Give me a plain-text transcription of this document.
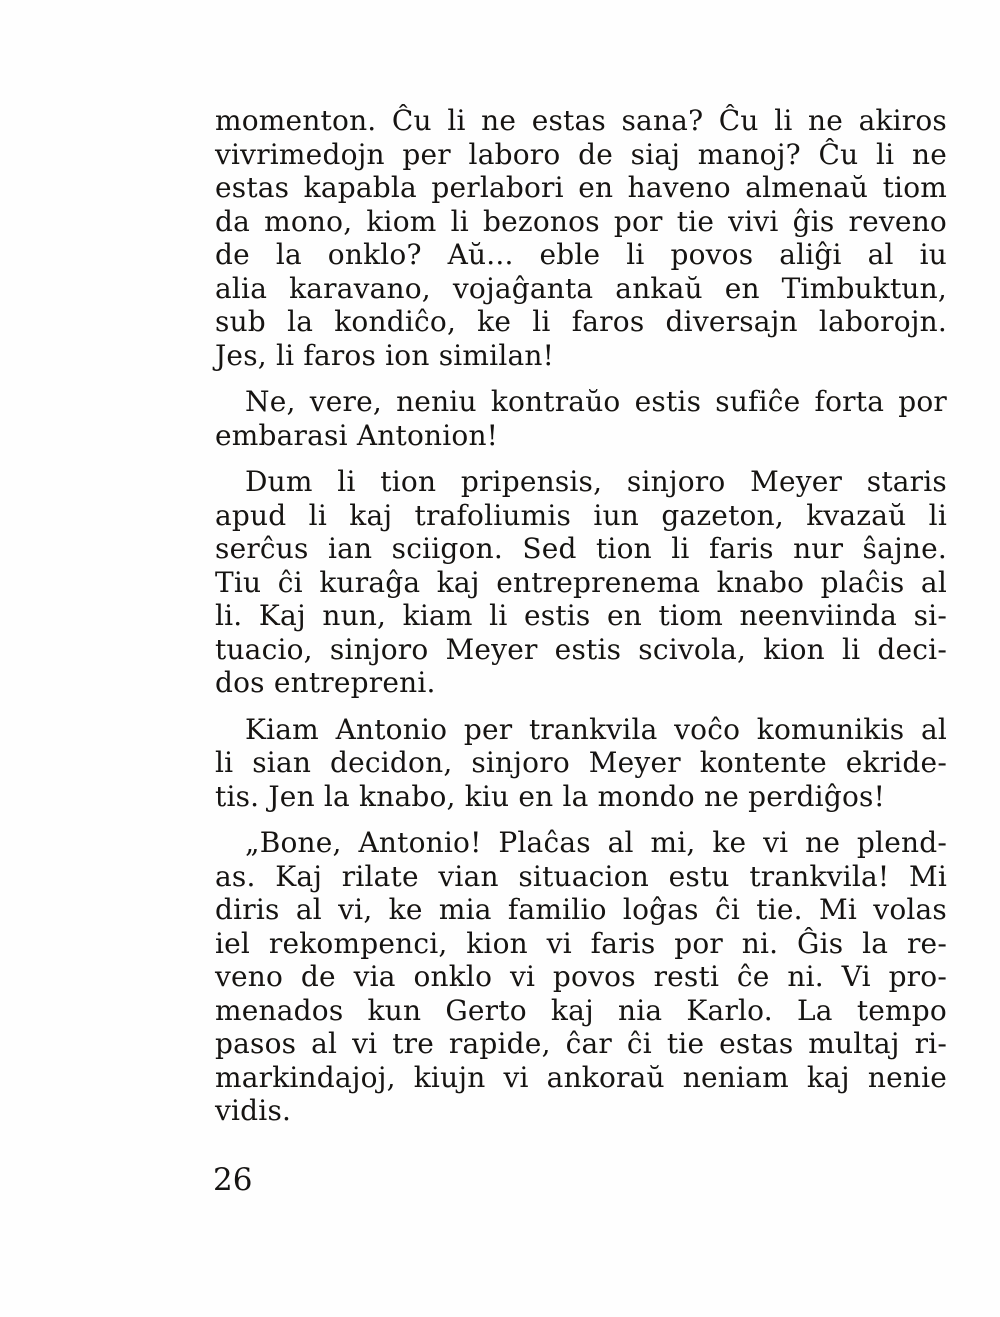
momenton. Ĉu li ne estas sana? Ĉu li ne akiros
vivrimedojn per laboro de siaj manoj? Ĉu li ne
estas kapabla perlabori en haveno almenaŭ tiom
da mono, kiom li bezonos por tie vivi ĝis reveno
de la onklo? Aŭ... eble li povos aliĝi al iu
alia karavano, vojaĝanta ankaŭ en Timbuktun,
sub la kondiĉo, ke li faros diversajn laborojn.
Jes, li faros ion similan!

Ne, vere, neniu kontraŭo estis sufiĉe forta por
embarasi Antonion!

Dum li tion pripensis, sinjoro Meyer staris
apud li kaj trafoliumis iun gazeton, kvazaŭ li
serĉus ian sciigon. Sed tion li faris nur ŝajne.
Tiu ĉi kuraĝa kaj entreprenema knabo plaĉis al
li. Kaj nun, kiam li estis en tiom neenviinda si-
tuacio, sinjoro Meyer estis scivola, kion li deci-
dos entrepreni.

Kiam Antonio per trankvila voĉo komunikis al
li sian decidon, sinjoro Meyer kontente ekride-
tis. Jen la knabo, kiu en la mondo ne perdiĝos!

„Bone, Antonio! Plaĉas al mi, ke vi ne plend-
as. Kaj rilate vian situacion estu trankvila! Mi
diris al vi, ke mia familio loĝas ĉi tie. Mi volas
iel rekompenci, kion vi faris por ni. Ĝis la re-
veno de via onklo vi povos resti ĉe ni. Vi pro-
menados kun Gerto kaj nia Karlo. La tempo
pasos al vi tre rapide, ĉar ĉi tie estas multaj ri-
markindajoj, kiujn vi ankoraŭ neniam kaj nenie
vidis.

26
